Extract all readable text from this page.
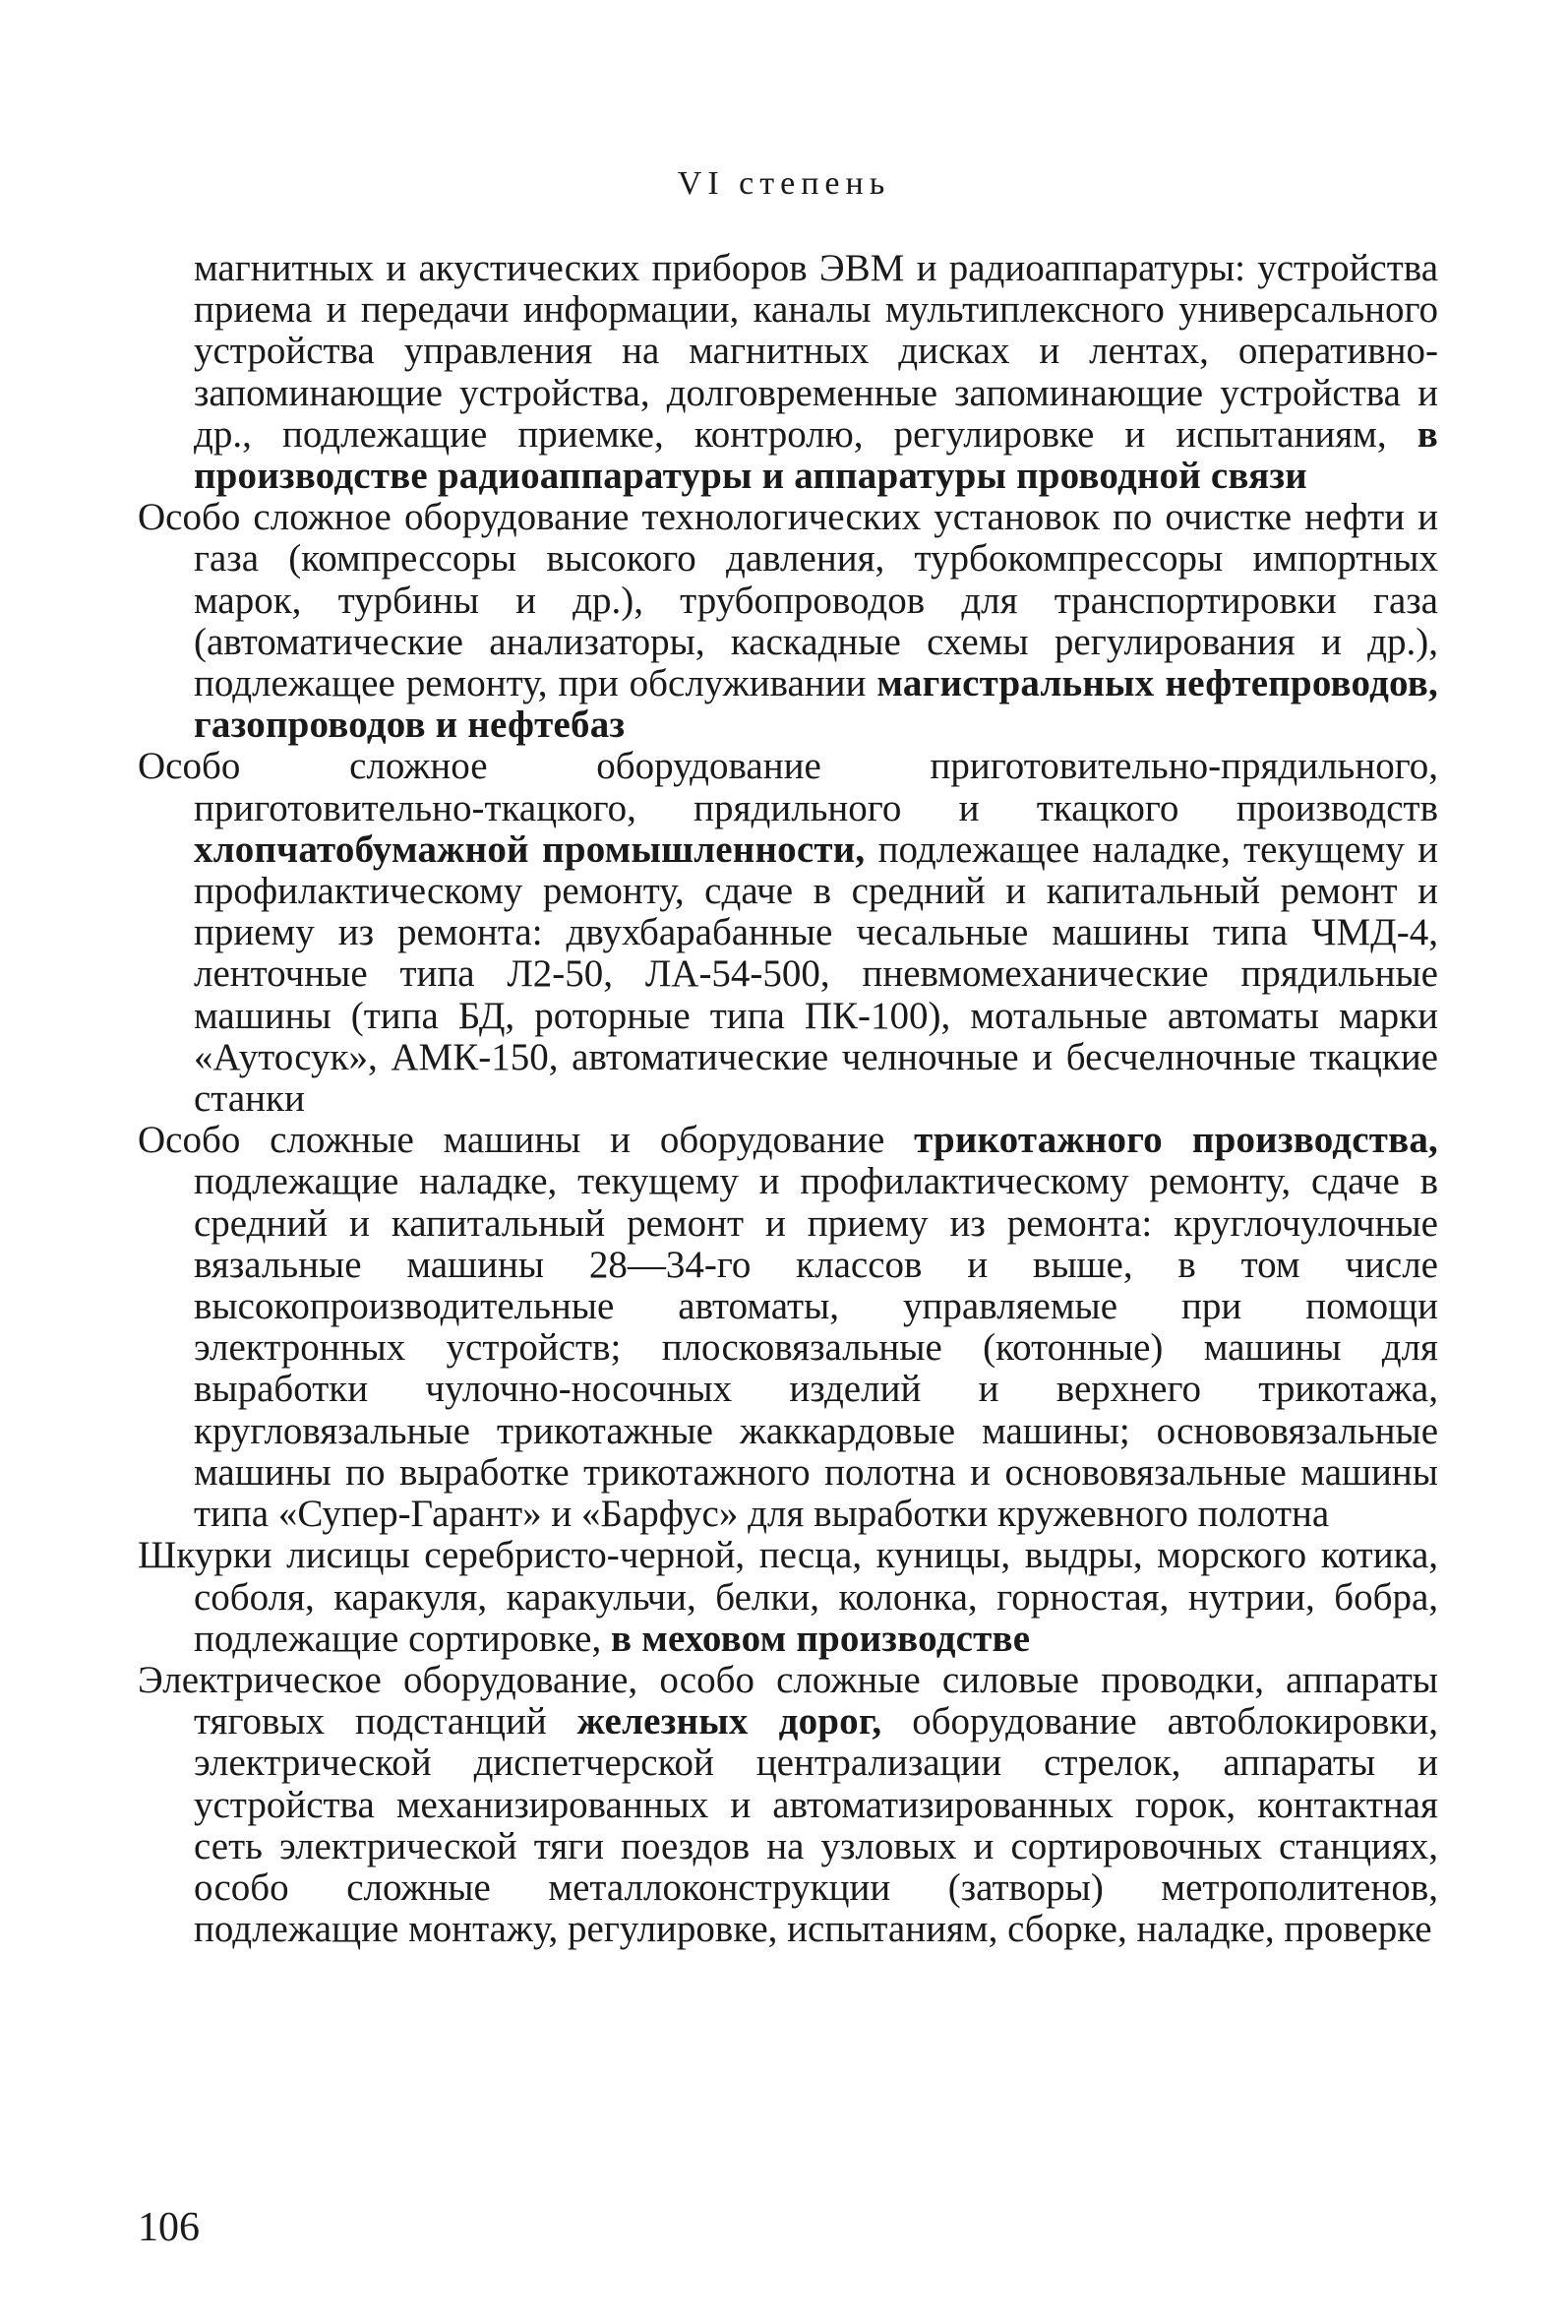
VI степень

магнитных и акустических приборов ЭВМ и радиоаппаратуры: устройства приема и передачи информации, каналы мультиплексного универсального устройства управления на магнитных дисках и лентах, оперативно-запоминающие устройства, долговременные запоминающие устройства и др., подлежащие приемке, контролю, регулировке и испытаниям, в производстве радиоаппаратуры и аппаратуры проводной связи

Особо сложное оборудование технологических установок по очистке нефти и газа (компрессоры высокого давления, турбокомпрессоры импортных марок, турбины и др.), трубопроводов для транспортировки газа (автоматические анализаторы, каскадные схемы регулирования и др.), подлежащее ремонту, при обслуживании магистральных нефтепроводов, газопроводов и нефтебаз

Особо сложное оборудование приготовительно-прядильного, приготовительно-ткацкого, прядильного и ткацкого производств хлопчатобумажной промышленности, подлежащее наладке, текущему и профилактическому ремонту, сдаче в средний и капитальный ремонт и приему из ремонта: двухбарабанные чесальные машины типа ЧМД-4, ленточные типа Л2-50, ЛА-54-500, пневмомеханические прядильные машины (типа БД, роторные типа ПК-100), мотальные автоматы марки «Аутосук», АМК-150, автоматические челночные и бесчелночные ткацкие станки

Особо сложные машины и оборудование трикотажного производства, подлежащие наладке, текущему и профилактическому ремонту, сдаче в средний и капитальный ремонт и приему из ремонта: круглочулочные вязальные машины 28—34-го классов и выше, в том числе высокопроизводительные автоматы, управляемые при помощи электронных устройств; плосковязальные (котонные) машины для выработки чулочно-носочных изделий и верхнего трикотажа, кругловязальные трикотажные жаккардовые машины; основовязальные машины по выработке трикотажного полотна и основовязальные машины типа «Супер-Гарант» и «Барфус» для выработки кружевного полотна

Шкурки лисицы серебристо-черной, песца, куницы, выдры, морского котика, соболя, каракуля, каракульчи, белки, колонка, горностая, нутрии, бобра, подлежащие сортировке, в меховом производстве

Электрическое оборудование, особо сложные силовые проводки, аппараты тяговых подстанций железных дорог, оборудование автоблокировки, электрической диспетчерской централизации стрелок, аппараты и устройства механизированных и автоматизированных горок, контактная сеть электрической тяги поездов на узловых и сортировочных станциях, особо сложные металлоконструкции (затворы) метрополитенов, подлежащие монтажу, регулировке, испытаниям, сборке, наладке, проверке

106
